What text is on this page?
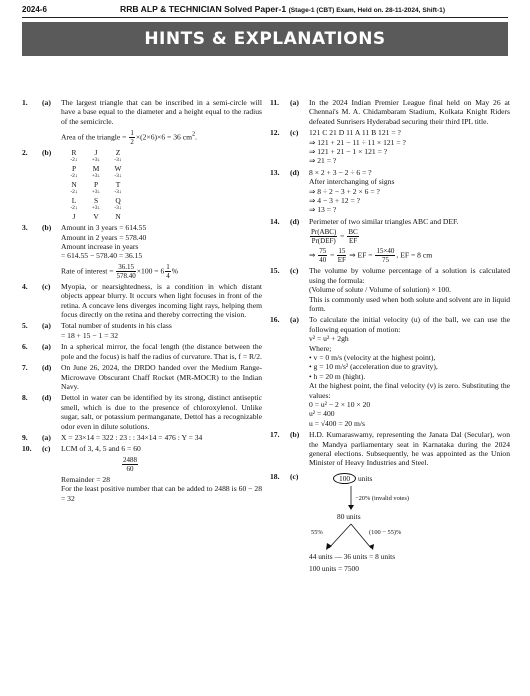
2024-6	RRB ALP & TECHNICIAN Solved Paper-1 (Stage-1 (CBT) Exam, Held on. 28-11-2024, Shift-1)
HINTS & EXPLANATIONS
1.	(a)	The largest triangle that can be inscribed in a semi-circle will have a base equal to the diameter and a height equal to the radius of the semicircle.

Area of the triangle = $\frac{1}{2} \times(2\times 6)\times 6 = 36$ $cm^2$.

2.	(b)	R	J	Z
-2↓	+3↓	-3↓
P	M	W
-2↓	+3↓	-3↓
N	P	T
-2↓	+3↓	-3↓
L	S	Q
-2↓	+3↓	-3↓
J	V	N
3.	(b)	Amount in 3 years = 614.55

Amount in 2 years = 578.40

Amount increase in years

= 614.55 − 578.40 = 36.15

Rate of interest = $\frac{36.15}{578.40} \times 100 = 6 \frac{1}{4}$ %

4.	(c)	Myopia, or nearsightedness, is a condition in which distant objects appear blurry. It occurs when light focuses in front of the retina. A concave lens diverges incoming light rays, helping them focus directly on the retina and thereby correcting the vision.

5.	(a)	Total number of students in his class

= 18 + 15 − 1 = 32

6.	(a)	In a spherical mirror, the focal length (the distance between the pole and the focus) is half the radius of curvature. That is, f = R/2.

7.	(d)	On June 26, 2024, the DRDO handed over the Medium Range-Microwave Obscurant Chaff Rocket (MR-MOCR) to the Indian Navy.

8.	(d)	Dettol in water can be identified by its strong, distinct antiseptic smell, which is due to the presence of chloroxylenol. Unlike sugar, salt, or potassium permanganate, Dettol has a recognizable odor even in dilute solutions.

9.	(a)	X = 23×14 = 322 : 23 : : 34×14 = 476 : Y = 34

10.	(c)	LCM of 3, 4, 5 and 6 = 60

$\frac{2488}{60}$

Remainder = 28

For the least positive number that can be added to 2488 is 60 − 28 = 32

11.	(a)	In the 2024 Indian Premier League final held on May 26 at Chennai's M. A. Chidambaram Stadium, Kolkata Knight Riders defeated Sunrisers Hyderabad securing their third IPL title.

12.	(c)	121 C 21 D 11 A 11 B 121 = ?

⇒ 121 + 21 − 11 ÷ 11 × 121 = ?

⇒ 121 + 21 − 1 × 121 = ?

⇒ 21 = ?

13.	(d)	8 × 2 + 3 − 2 ÷ 6 = ?

After interchanging of signs

⇒ 8 ÷ 2 − 3 + 2 × 6 = ?

⇒ 4 − 3 + 12 = ?

⇒ 13 = ?

14.	(d)	Perimeter of two similar triangles ABC and DEF.

$\frac{\text{Pr(ABC)}}{\text{Pr(DEF)}} = \frac{BC}{EF}$

⇒ $\frac{75}{40} = \frac{15}{EF}$ ⇒ EF = $\frac{15\times 40}{75}$ , EF = 8 cm

15.	(c)	The volume by volume percentage of a solution is calculated using the formula:

(Volume of solute / Volume of solution) × 100.

This is commonly used when both solute and solvent are in liquid form.

16.	(a)	To calculate the initial velocity (u) of the ball, we can use the following equation of motion:

v² = u² + 2gh

Where;

• v = 0 m/s (velocity at the highest point),

• g = 10 m/s² (acceleration due to gravity),

• h = 20 m (hight).

At the highest point, the final velocity (v) is zero. Substituting the values:

0 = u² − 2 × 10 × 20

u² = 400

u = √400 = 20 m/s

17.	(b)	H.D. Kumaraswamy, representing the Janata Dal (Secular), won the Mandya parliamentary seat in Karnataka during the 2024 general elections. Subsequently, he was appointed as the Union Minister of Heavy Industries and Steel.

18.	(c)	100 units
−20% (invalid votes)
80 units
55%	(100 − 55)%
44 units — 36 units = 8 units
100 units = 7500
